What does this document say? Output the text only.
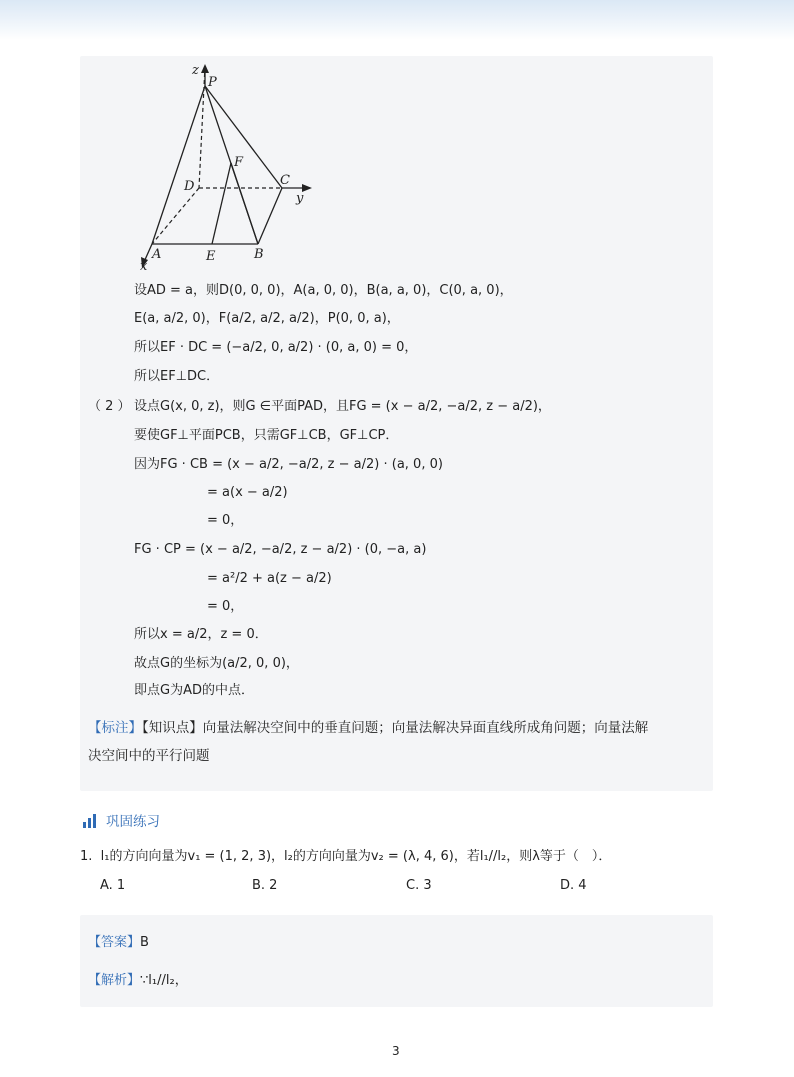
z
P
F
D	C
y
A	E	B
x
设AD = a，则D(0, 0, 0)，A(a, 0, 0)，B(a, a, 0)，C(0, a, 0)，
E(a, a/2, 0)，F(a/2, a/2, a/2)，P(0, 0, a)，
所以EF · DC = (−a/2, 0, a/2) · (0, a, 0) = 0，
所以EF⊥DC．
（ 2 ） 设点G(x, 0, z)，则G ∈平面PAD，且FG = (x − a/2, −a/2, z − a/2)，
要使GF⊥平面PCB，只需GF⊥CB，GF⊥CP．
因为FG · CB = (x − a/2, −a/2, z − a/2) · (a, 0, 0)
= a(x − a/2)
= 0，
FG · CP = (x − a/2, −a/2, z − a/2) · (0, −a, a)
= a²/2 + a(z − a/2)
= 0，
所以x = a/2，z = 0．
故点G的坐标为(a/2, 0, 0)，
即点G为AD的中点．
【标注】【知识点】向量法解决空间中的垂直问题；向量法解决异面直线所成角问题；向量法解
决空间中的平行问题
巩固练习
1. l₁的方向向量为v₁ = (1, 2, 3)，l₂的方向向量为v₂ = (λ, 4, 6)，若l₁//l₂，则λ等于（　）．
A. 1	B. 2	C. 3	D. 4
【答案】B
【解析】∵l₁//l₂，
3
